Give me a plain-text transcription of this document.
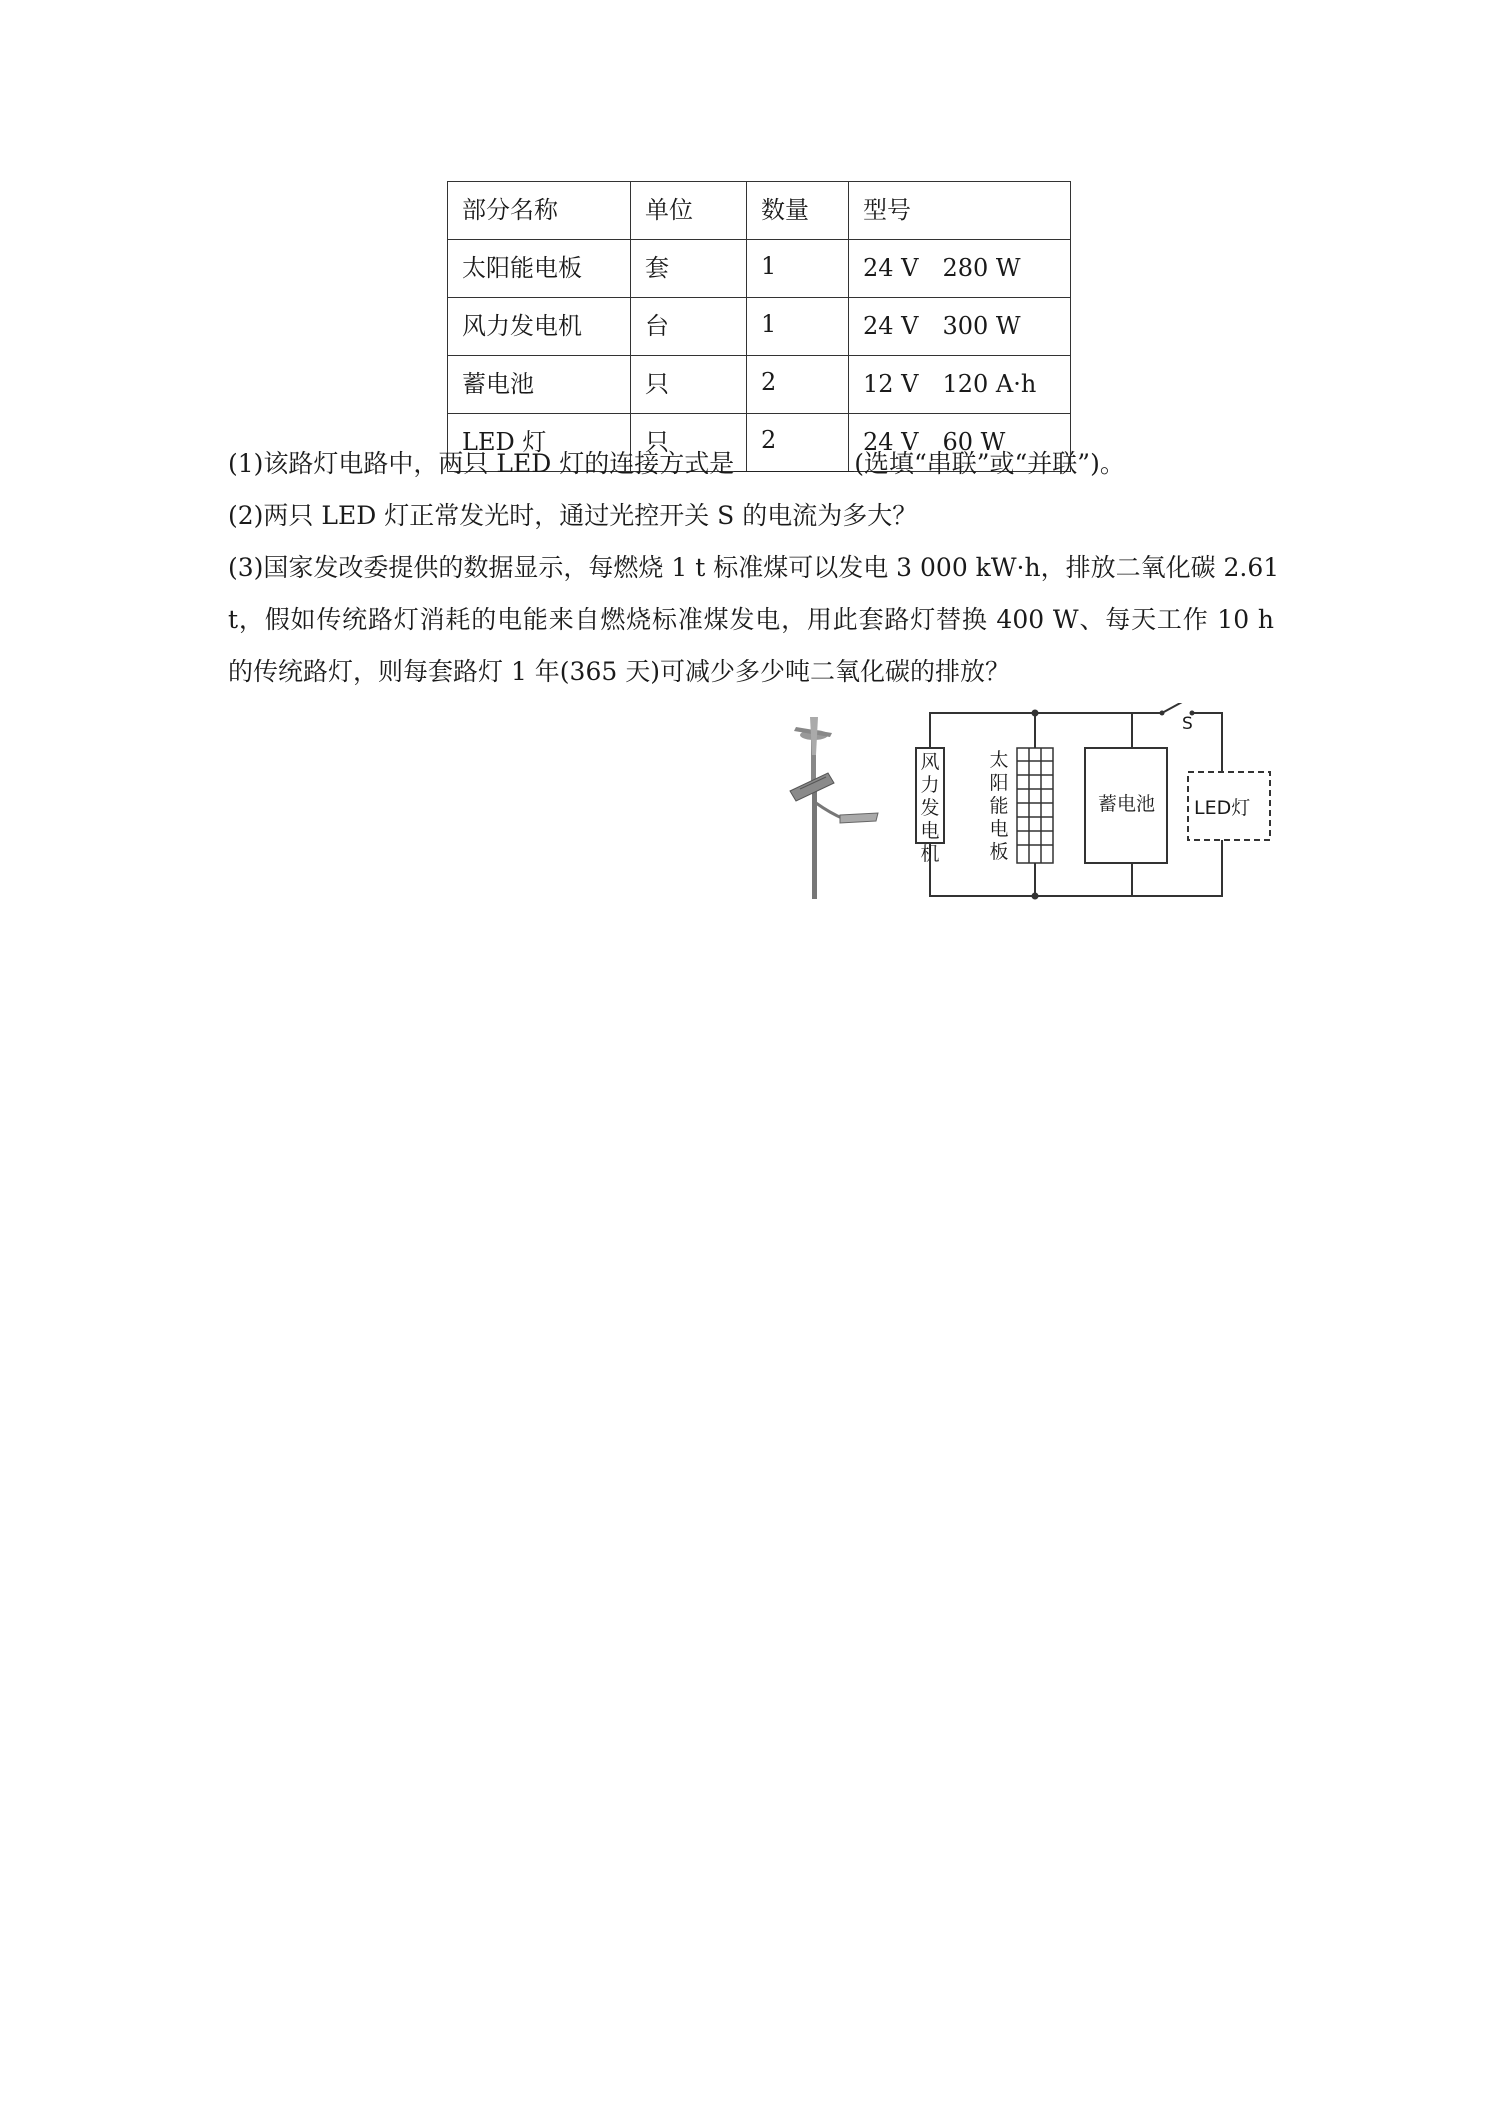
部分名称	单位	数量	型号
太阳能电板	套	1	24 V　280 W
风力发电机	台	1	24 V　300 W
蓄电池	只	2	12 V　120 A·h
LED 灯	只	2	24 V　60 W

(1)该路灯电路中，两只 LED 灯的连接方式是	(选填“串联”或“并联”)。

(2)两只 LED 灯正常发光时，通过光控开关 S 的电流为多大？

(3)国家发改委提供的数据显示，每燃烧 1 t 标准煤可以发电 3 000 kW·h，排放二氧化碳 2.61
t，假如传统路灯消耗的电能来自燃烧标准煤发电，用此套路灯替换 400 W、每天工作 10 h
的传统路灯，则每套路灯 1 年(365 天)可减少多少吨二氧化碳的排放？

风力发电机
太阳能电板
蓄电池 LED灯
S
